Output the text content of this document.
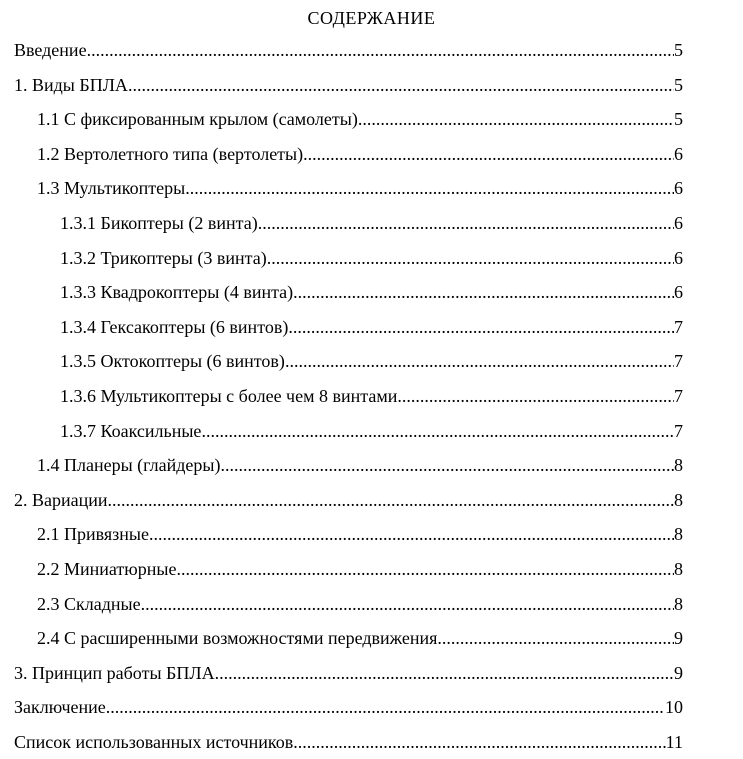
СОДЕРЖАНИЕ
Введение .....	5
1. Виды БПЛА .....	5
1.1 С фиксированным крылом (самолеты) .....	5
1.2 Вертолетного типа (вертолеты) .....	6
1.3 Мультикоптеры .....	6
1.3.1 Бикоптеры (2 винта) .....	6
1.3.2 Трикоптеры (3 винта) .....	6
1.3.3 Квадрокоптеры (4 винта) .....	6
1.3.4 Гексакоптеры (6 винтов) .....	7
1.3.5 Октокоптеры (6 винтов) .....	7
1.3.6 Мультикоптеры с более чем 8 винтами .....	7
1.3.7 Коаксильные .....	7
1.4 Планеры (глайдеры) .....	8
2. Вариации .....	8
2.1 Привязные .....	8
2.2 Миниатюрные .....	8
2.3 Складные .....	8
2.4 С расширенными возможностями передвижения .....	9
3. Принцип работы БПЛА .....	9
Заключение .....	10
Список использованных источников .....	11
